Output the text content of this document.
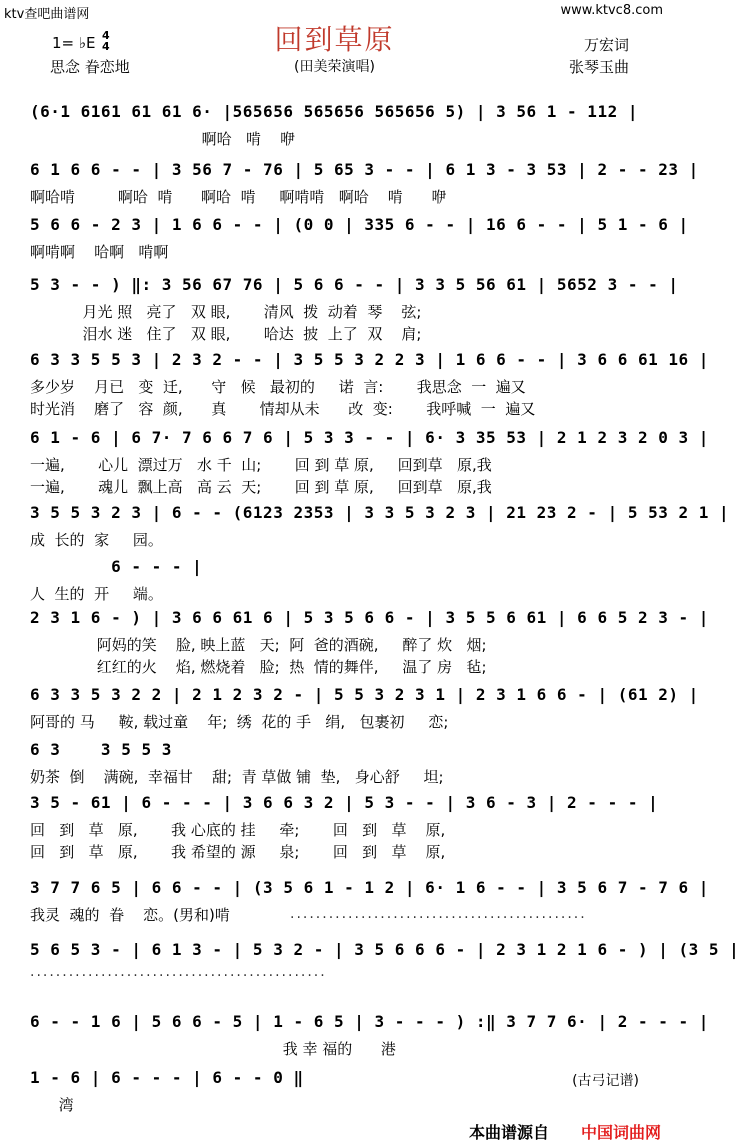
ktv查吧曲谱网	www.ktvc8.com
回到草原
1= ♭E 4
4
思念 眷恋地	(田美荣演唱)
万宏词
张琴玉曲
(6·1 6161 61 61 6· |565656 565656 565656 5) | 3 56 1 - 112 |
啊哈   啃    咿
6 1 6 6 - - | 3 56 7 - 76 | 5 65 3 - - | 6 1 3 - 3 53 | 2 - - 23 |
啊哈啃         啊哈  啃      啊哈  啃     啊啃啃   啊哈    啃      咿
5 6 6 - 2 3 | 1 6 6 - - | (0 0 | 335 6 - - | 16 6 - - | 5 1 - 6 |
啊啃啊    哈啊   啃啊
5 3 - - ) ‖: 3 56 67 76 | 5 6 6 - - | 3 3 5 56 61 | 5652 3 - - |
月光 照   亮了   双 眼,       清风  拨  动着  琴    弦;
泪水 迷   住了   双 眼,       哈达  披  上了  双    肩;
6 3 3 5 5 3 | 2 3 2 - - | 3 5 5 3 2 2 3 | 1 6 6 - - | 3 6 6 61 16 |
多少岁    月已   变  迁,      守   候   最初的     诺  言:       我思念  一  遍又
时光消    磨了   容  颜,      真       情却从未      改  变:       我呼喊  一  遍又
6 1 - 6 | 6 7· 7 6 6 7 6 | 5 3 3 - - | 6· 3 35 53 | 2 1 2 3 2 0 3 |
一遍,       心儿  漂过万   水 千  山;       回 到 草 原,     回到草   原,我
一遍,       魂儿  飘上高   高 云  天;       回 到 草 原,     回到草   原,我
3 5 5 3 2 3 | 6 - - (6123 2353 | 3 3 5 3 2 3 | 21 23 2 - | 5 53 2 1 |
成  长的  家     园。
6 - - - |
人  生的  开     端。
2 3 1 6 - ) | 3 6 6 61 6 | 5 3 5 6 6 - | 3 5 5 6 61 | 6 6 5 2 3 - |
阿妈的笑    脸, 映上蓝   天;  阿  爸的酒碗,     醉了 炊   烟;
红红的火    焰, 燃烧着   脸;  热  情的舞伴,     温了 房   毡;
6 3 3 5 3 2 2 | 2 1 2 3 2 - | 5 5 3 2 3 1 | 2 3 1 6 6 - | (61 2) |
阿哥的 马     鞍, 载过童    年;  绣  花的 手   绢,   包裹初     恋;
6 3    3 5 5 3
奶茶  倒    满碗,  幸福甘    甜;  青 草做 铺  垫,   身心舒     坦;
3 5 - 61 | 6 - - - | 3 6 6 3 2 | 5 3 - - | 3 6 - 3 | 2 - - - |
回   到   草   原,       我 心底的 挂     牵;       回   到   草    原,
回   到   草   原,       我 希望的 源     泉;       回   到   草    原,
3 7 7 6 5 | 6 6 - - | (3 5 6 1 - 1 2 | 6· 1 6 - - | 3 5 6 7 - 7 6 |
我灵  魂的  眷    恋。(男和)啃
5 6 5 3 - | 6 1 3 - | 5 3 2 - | 3 5 6 6 6 - | 2 3 1 2 1 6 - ) | (3 5 |
6 - - 1 6 | 5 6 6 - 5 | 1 - 6 5 | 3 - - - ) :‖ 3 7 7 6· | 2 - - - |
我 幸 福的      港
1 - 6 | 6 - - - | 6 - - 0 ‖
湾
··············································
··············································
(古弓记谱)
本曲谱源自 中国词曲网
